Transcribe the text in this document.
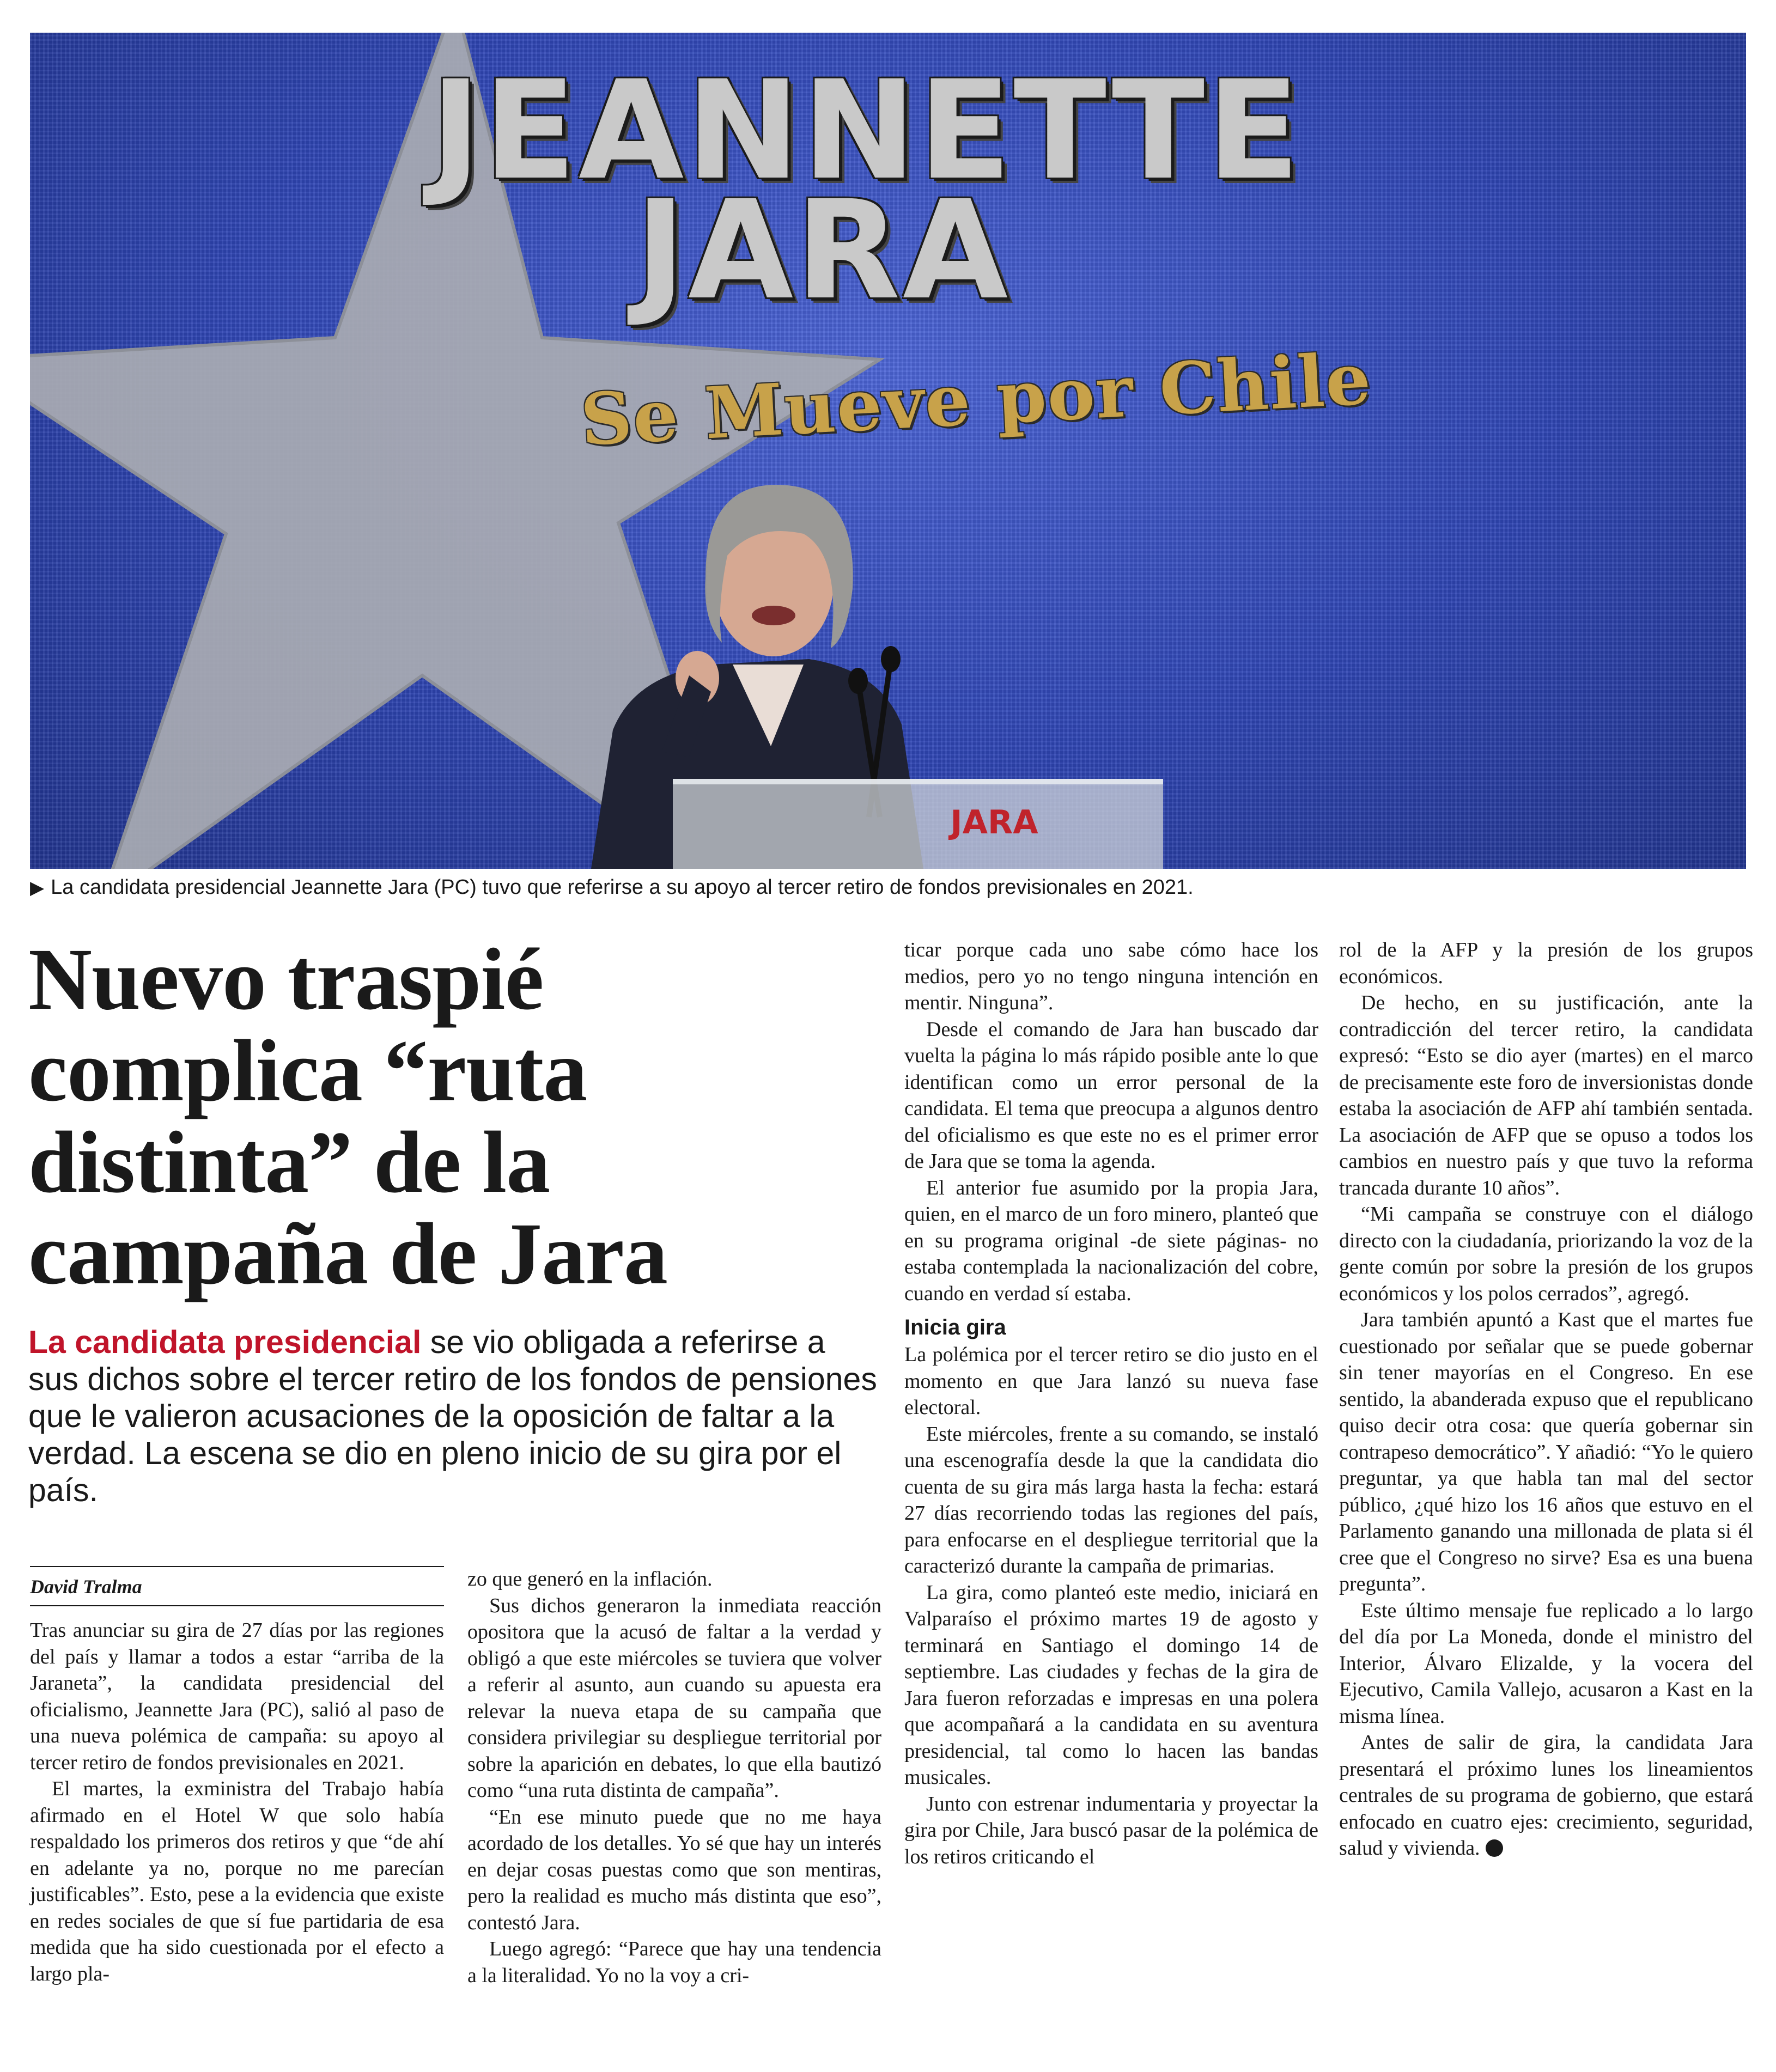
JEANNETTE
JARA
Se Mueve por Chile
JARA
▶ La candidata presidencial Jeannette Jara (PC) tuvo que referirse a su apoyo al tercer retiro de fondos previsionales en 2021.
Nuevo traspié
complica “ruta
distinta” de la
campaña de Jara

La candidata presidencial se vio obligada a referirse a sus dichos sobre el tercer retiro de los fondos de pensiones que le valieron acusaciones de la oposición de faltar a la verdad. La escena se dio en pleno inicio de su gira por el país.

David Tralma

Tras anunciar su gira de 27 días por las regiones del país y llamar a todos a estar “arriba de la Jaraneta”, la candidata presidencial del oficialismo, Jeannette Jara (PC), salió al paso de una nueva polémica de campaña: su apoyo al tercer retiro de fondos previsionales en 2021.

El martes, la exministra del Trabajo había afirmado en el Hotel W que solo había respaldado los primeros dos retiros y que “de ahí en adelante ya no, porque no me parecían justificables”. Esto, pese a la evidencia que existe en redes sociales de que sí fue partidaria de esa medida que ha sido cuestionada por el efecto a largo pla-

zo que generó en la inflación.

Sus dichos generaron la inmediata reacción opositora que la acusó de faltar a la verdad y obligó a que este miércoles se tuviera que volver a referir al asunto, aun cuando su apuesta era relevar la nueva etapa de su campaña que considera privilegiar su despliegue territorial por sobre la aparición en debates, lo que ella bautizó como “una ruta distinta de campaña”.

“En ese minuto puede que no me haya acordado de los detalles. Yo sé que hay un interés en dejar cosas puestas como que son mentiras, pero la realidad es mucho más distinta que eso”, contestó Jara.

Luego agregó: “Parece que hay una tendencia a la literalidad. Yo no la voy a cri-

ticar porque cada uno sabe cómo hace los medios, pero yo no tengo ninguna intención en mentir. Ninguna”.

Desde el comando de Jara han buscado dar vuelta la página lo más rápido posible ante lo que identifican como un error personal de la candidata. El tema que preocupa a algunos dentro del oficialismo es que este no es el primer error de Jara que se toma la agenda.

El anterior fue asumido por la propia Jara, quien, en el marco de un foro minero, planteó que en su programa original -de siete páginas- no estaba contemplada la nacionalización del cobre, cuando en verdad sí estaba.

Inicia gira

La polémica por el tercer retiro se dio justo en el momento en que Jara lanzó su nueva fase electoral.

Este miércoles, frente a su comando, se instaló una escenografía desde la que la candidata dio cuenta de su gira más larga hasta la fecha: estará 27 días recorriendo todas las regiones del país, para enfocarse en el despliegue territorial que la caracterizó durante la campaña de primarias.

La gira, como planteó este medio, iniciará en Valparaíso el próximo martes 19 de agosto y terminará en Santiago el domingo 14 de septiembre. Las ciudades y fechas de la gira de Jara fueron reforzadas e impresas en una polera que acompañará a la candidata en su aventura presidencial, tal como lo hacen las bandas musicales.

Junto con estrenar indumentaria y proyectar la gira por Chile, Jara buscó pasar de la polémica de los retiros criticando el

rol de la AFP y la presión de los grupos económicos.

De hecho, en su justificación, ante la contradicción del tercer retiro, la candidata expresó: “Esto se dio ayer (martes) en el marco de precisamente este foro de inversionistas donde estaba la asociación de AFP ahí también sentada. La asociación de AFP que se opuso a todos los cambios en nuestro país y que tuvo la reforma trancada durante 10 años”.

“Mi campaña se construye con el diálogo directo con la ciudadanía, priorizando la voz de la gente común por sobre la presión de los grupos económicos y los polos cerrados”, agregó.

Jara también apuntó a Kast que el martes fue cuestionado por señalar que se puede gobernar sin tener mayorías en el Congreso. En ese sentido, la abanderada expuso que el republicano quiso decir otra cosa: que quería gobernar sin contrapeso democrático”. Y añadió: “Yo le quiero preguntar, ya que habla tan mal del sector público, ¿qué hizo los 16 años que estuvo en el Parlamento ganando una millonada de plata si él cree que el Congreso no sirve? Esa es una buena pregunta”.

Este último mensaje fue replicado a lo largo del día por La Moneda, donde el ministro del Interior, Álvaro Elizalde, y la vocera del Ejecutivo, Camila Vallejo, acusaron a Kast en la misma línea.

Antes de salir de gira, la candidata Jara presentará el próximo lunes los lineamientos centrales de su programa de gobierno, que estará enfocado en cuatro ejes: crecimiento, seguridad, salud y vivienda.
